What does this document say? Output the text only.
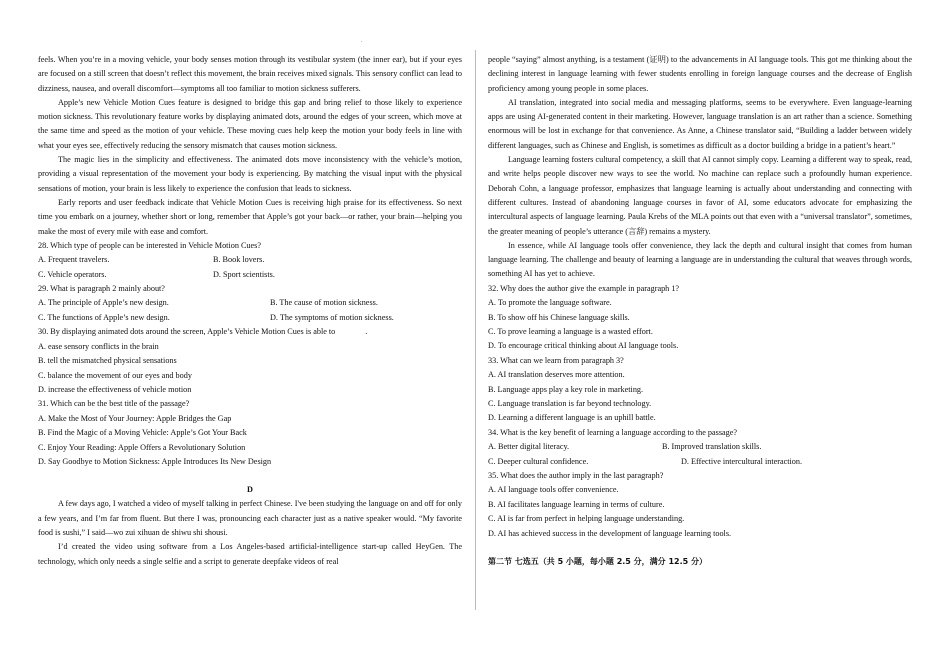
.

feels. When you’re in a moving vehicle, your body senses motion through its vestibular system (the inner ear), but if your eyes are focused on a still screen that doesn’t reflect this movement, the brain receives mixed signals. This sensory conflict can lead to dizziness, nausea, and overall discomfort—symptoms all too familiar to motion sickness sufferers.

Apple’s new Vehicle Motion Cues feature is designed to bridge this gap and bring relief to those likely to experience motion sickness. This revolutionary feature works by displaying animated dots, around the edges of your screen, which move at the same time and speed as the motion of your vehicle. These moving cues help keep the motion your body feels in line with what your eyes see, effectively reducing the sensory mismatch that causes motion sickness.

The magic lies in the simplicity and effectiveness. The animated dots move inconsistency with the vehicle’s motion, providing a visual representation of the movement your body is experiencing. By matching the visual input with the physical sensations of motion, your brain is less likely to experience the confusion that leads to sickness.

Early reports and user feedback indicate that Vehicle Motion Cues is receiving high praise for its effectiveness. So next time you embark on a journey, whether short or long, remember that Apple’s got your back—or rather, your brain—helping you make the most of every mile with ease and comfort.

28. Which type of people can be interested in Vehicle Motion Cues?
A. Frequent travelers.	B. Book lovers.
C. Vehicle operators.	D. Sport scientists.
29. What is paragraph 2 mainly about?
A. The principle of Apple’s new design.	B. The cause of motion sickness.
C. The functions of Apple’s new design.	D. The symptoms of motion sickness.
30. By displaying animated dots around the screen, Apple’s Vehicle Motion Cues is able to	.
A. ease sensory conflicts in the brain
B. tell the mismatched physical sensations
C. balance the movement of our eyes and body
D. increase the effectiveness of vehicle motion
31. Which can be the best title of the passage?
A. Make the Most of Your Journey: Apple Bridges the Gap
B. Find the Magic of a Moving Vehicle: Apple’s Got Your Back
C. Enjoy Your Reading: Apple Offers a Revolutionary Solution
D. Say Goodbye to Motion Sickness: Apple Introduces Its New Design
D

A few days ago, I watched a video of myself talking in perfect Chinese. I've been studying the language on and off for only a few years, and I’m far from fluent. But there I was, pronouncing each character just as a native speaker would. “My favorite food is sushi,” I said—wo zui xihuan de shiwu shi shousi.

I’d created the video using software from a Los Angeles-based artificial-intelligence start-up called HeyGen. The technology, which only needs a single selfie and a script to generate deepfake videos of real

people “saying” almost anything, is a testament (证明) to the advancements in AI language tools. This got me thinking about the declining interest in language learning with fewer students enrolling in foreign language courses and the decrease of English proficiency among young people in some places.

AI translation, integrated into social media and messaging platforms, seems to be everywhere. Even language-learning apps are using AI-generated content in their marketing. However, language translation is an art rather than a science. Something enormous will be lost in exchange for that convenience. As Anne, a Chinese translator said, “Building a ladder between widely different languages, such as Chinese and English, is sometimes as difficult as a doctor building a bridge in a patient’s heart.”

Language learning fosters cultural competency, a skill that AI cannot simply copy. Learning a different way to speak, read, and write helps people discover new ways to see the world. No machine can replace such a profoundly human experience. Deborah Cohn, a language professor, emphasizes that language learning is actually about understanding and connecting with different cultures. Instead of abandoning language courses in favor of AI, some educators advocate for emphasizing the intercultural aspects of language learning. Paula Krebs of the MLA points out that even with a “universal translator”, sometimes, the greater meaning of people’s utterance (言辞) remains a mystery.

In essence, while AI language tools offer convenience, they lack the depth and cultural insight that comes from human language learning. The challenge and beauty of learning a language are in understanding the cultural that weaves through words, something AI has yet to achieve.

32. Why does the author give the example in paragraph 1?
A. To promote the language software.
B. To show off his Chinese language skills.
C. To prove learning a language is a wasted effort.
D. To encourage critical thinking about AI language tools.
33. What can we learn from paragraph 3?
A. AI translation deserves more attention.
B. Language apps play a key role in marketing.
C. Language translation is far beyond technology.
D. Learning a different language is an uphill battle.
34. What is the key benefit of learning a language according to the passage?
A. Better digital literacy.	B. Improved translation skills.
C. Deeper cultural confidence.	D. Effective intercultural interaction.
35. What does the author imply in the last paragraph?
A. AI language tools offer convenience.
B. AI facilitates language learning in terms of culture.
C. AI is far from perfect in helping language understanding.
D. AI has achieved success in the development of language learning tools.
第二节 七选五（共 5 小题，每小题 2.5 分，满分 12.5 分）
